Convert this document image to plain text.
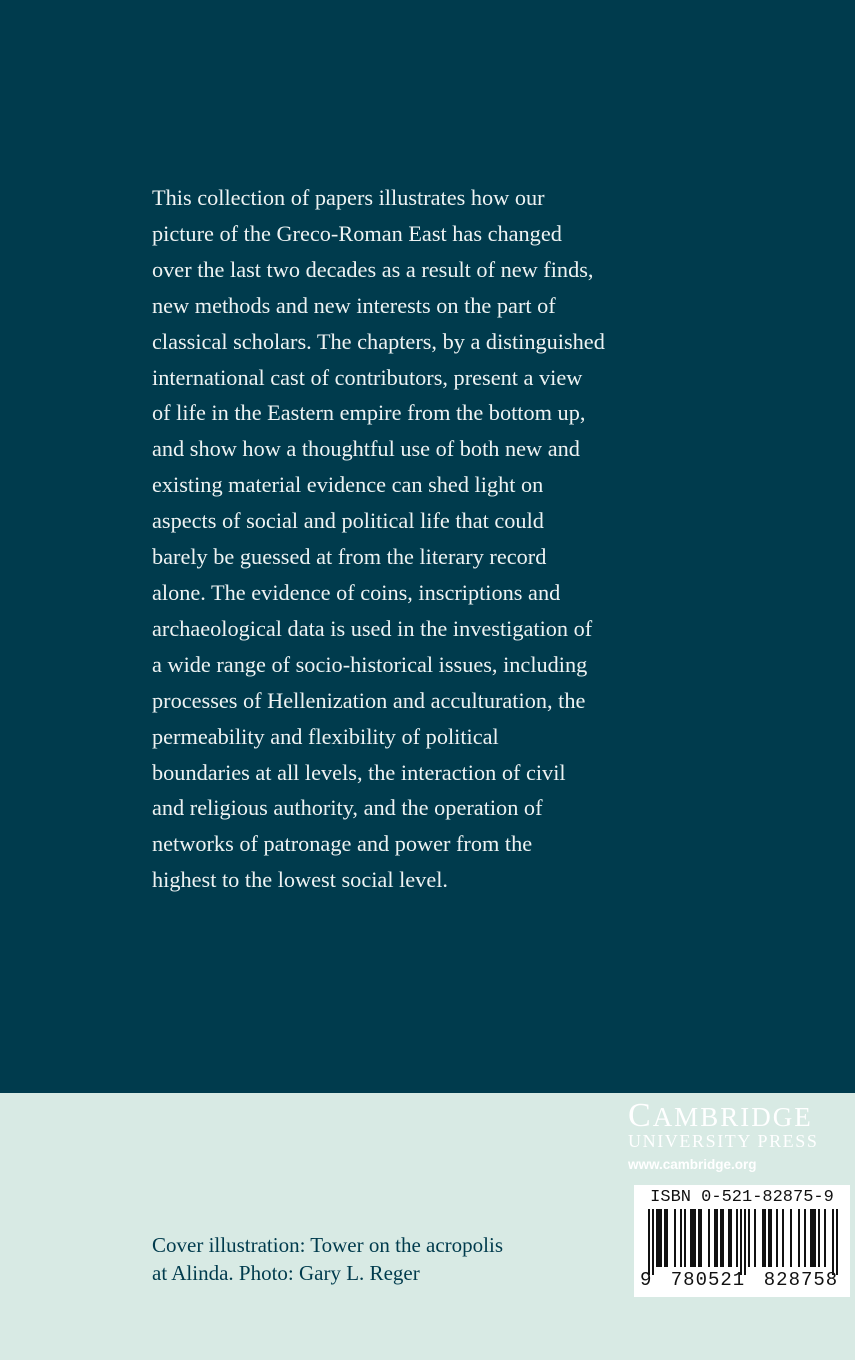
This collection of papers illustrates how our
picture of the Greco-Roman East has changed
over the last two decades as a result of new finds,
new methods and new interests on the part of
classical scholars. The chapters, by a distinguished
international cast of contributors, present a view
of life in the Eastern empire from the bottom up,
and show how a thoughtful use of both new and
existing material evidence can shed light on
aspects of social and political life that could
barely be guessed at from the literary record
alone. The evidence of coins, inscriptions and
archaeological data is used in the investigation of
a wide range of socio-historical issues, including
processes of Hellenization and acculturation, the
permeability and flexibility of political
boundaries at all levels, the interaction of civil
and religious authority, and the operation of
networks of patronage and power from the
highest to the lowest social level.

Cover illustration: Tower on the acropolis
at Alinda. Photo: Gary L. Reger

CAMBRIDGE
UNIVERSITY PRESS
www.cambridge.org

ISBN 0-521-82875-9

9	780521 828758
